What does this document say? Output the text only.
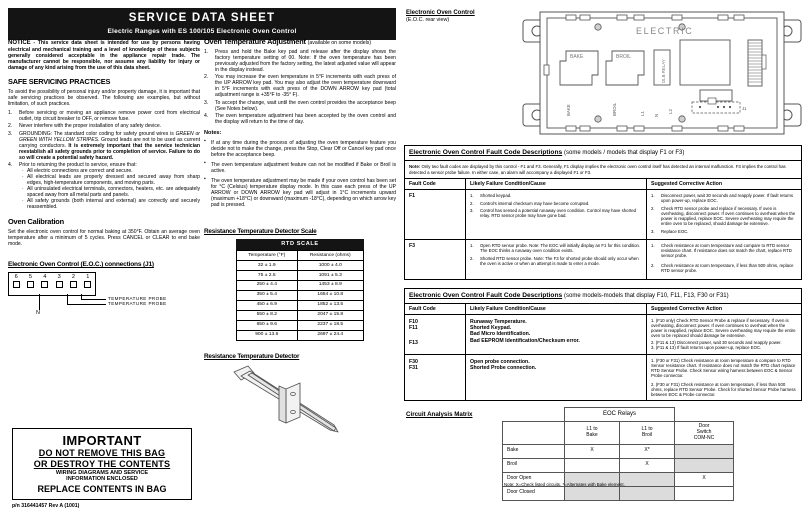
SERVICE DATA SHEET
Electric Ranges with ES 100/105 Electronic Oven Control
NOTICE - This service data sheet is intended for use by persons having electrical and mechanical training and a level of knowledge of these subjects generally considered acceptable in the appliance repair trade. The manufacturer cannot be responsible, nor assume any liability for injury or damage of any kind arising from the use of this data sheet.
SAFE SERVICING PRACTICES
To avoid the possibility of personal injury and/or property damage, it is important that safe servicing practices be observed. The following are examples, but without limitation, of such practices.
1. Before servicing or moving an appliance remove power cord from electrical outlet, trip circuit breaker to OFF, or remove fuse.
2. Never interfere with the proper installation of any safety device.
3. GROUNDING: The standard color coding for safety ground wires is GREEN or GREEN WITH YELLOW STRIPES. Ground leads are not to be used as current carrying conductors. It is extremely important that the service technician reestablish all safety grounds prior to completion of service. Failure to do so will create a potential safety hazard.
4. Prior to returning the product to service, ensure that:
· All electric connections are correct and secure.
· All electrical leads are properly dressed and secured away from sharp edges, high-temperature components, and moving parts.
· All uninsulated electrical terminals, connectors, heaters, etc. are adequately spaced away from all metal parts and panels.
· All safety grounds (both internal and external) are correctly and securely reassembled.
Oven Calibration
Set the electronic oven control for normal baking at 350°F. Obtain an average oven temperature after a minimum of 5 cycles. Press CANCEL or CLEAR to end bake mode.
Electronic Oven Control (E.O.C.) connections (J1)
6 5 4 3 2 1
TEMPERATURE PROBE
TEMPERATURE PROBE
N
Oven Temperature Adjustment (available on some models)
1. Press and hold the Bake key pad and release after the display shows the factory temperature setting of 00. Note: If the oven temperature has been previously adjusted from the factory setting, the latest adjusted value will appear in the display instead.
2. You may increase the oven temperature in 5°F increments with each press of the UP ARROW key pad. You may also adjust the oven temperature downward in 5°F increments with each press of the DOWN ARROW key pad (total adjustment range is +35°F to -35° F).
3. To accept the change, wait until the oven control provides the acceptance beep (See Notes below).
4. The oven temperature adjustment has been accepted by the oven control and the display will return to the time of day.
Notes:
▪ If at any time during the process of adjusting the oven temperature feature you decide not to make the change, press the Stop, Clear Off or Cancel key pad once before the acceptance beep.
▪ The oven temperature adjustment feature can not be modified if Bake or Broil is active.
▪ The oven temperature adjustment may be made if your oven control has been set for °C (Celsius) temperature display mode. In this case each press of the UP ARROW or DOWN ARROW key pad will adjust in 1°C increments upward (maximum +18°C) or downward (maximum -18°C), depending on which arrow key pad is pressed.
Resistance Temperature Detector Scale
RTD SCALE
Temperature (°F)	Resistance (ohms)
32 ± 1.9	1000 ± 4.0
75 ± 2.5	1091 ± 5.3
250 ± 4.4	1453 ± 8.9
350 ± 5.4	1654 ± 10.8
450 ± 6.9	1852 ± 13.5
550 ± 8.2	2047 ± 15.8
650 ± 9.6	2237 ± 18.5
900 ± 13.6	2697 ± 24.4
Resistance Temperature Detector
Electronic Oven Control
(E.O.C. rear view)
ELECTRIC
BAKE	BROIL
DLB RELAY
BAKE	BROIL	L1 N
L2
J1
Electronic Oven Control Fault Code Descriptions (some models / models that display F1 or F3)		
Note: Only two fault codes are displayed by this control - F1 and F3. Generally, F1 display implies the electronic oven control itself has detected an internal malfunction. F3 implies the control has detected a sensor probe failure. In either case, an alarm will accompany a displayed F1 or F3.		
Fault Code	Likely Failure Condition/Cause	Suggested Corrective Action
F1	1. Shorted keypad.
2. Control's internal checksum may have become corrupted.
3. Control has sensed a potential runaway oven condition. Control may have shorted relay. RTD sensor probe may have gone bad.

1. Disconnect power, wait 30 seconds and reapply power. If fault returns upon power-up, replace EOC.
2. Check RTD sensor probe and replace if necessary. If oven is overheating, disconnect power. If oven continues to overheat when the power is reapplied, replace EOC. Severe overheating may require the entire oven to be replaced, should damage be extensive.
3. Replace EOC.

F3	1. Open RTD sensor probe. Note: The EOC will initially display an F1 for this condition. The EOC thinks a runaway oven condition exists.
2. Shorted RTD sensor probe. Note: The F3 for shorted probe should only occur when the oven is active or when an attempt is made to enter a mode.

1. Check resistance at room temperature and compare to RTD sensor resistance chart. If resistance does not match the chart, replace RTD sensor probe.
2. Check resistance at room temperature, if less than 500 ohms, replace RTD sensor probe.
Electronic Oven Control Fault Code Descriptions (some models-models that display F10, F11, F13, F30 or F31)		
Fault Code	Likely Failure Condition/Cause	Suggested Corrective Action

F10
F11
F13

Runaway Temperature.
Shorted Keypad.
Bad Micro Identification.
Bad EEPROM Identification/Checksum error.

1. (F10 only) Check RTD Sensor Probe & replace if necessary. If oven is overheating, disconnect power. If oven continues to overheat when the power is reapplied, replace EOC. Severe overheating may require the entire oven to be replaced should damage be extensive.
2. (F11 & 13) Disconnect power, wait 30 seconds and reapply power.
3. (F11 & 13) If fault returns upon power-up, replace EOC.

F30
F31

Open probe connection.
Shorted Probe connection.

1. (F30 or F31) Check resistance at room temperature & compare to RTD Sensor resistance chart. If resistance does not match the RTD chart replace RTD Sensor Probe. Check Sensor wiring harness between EOC & Sensor Probe connector.
2. (F30 or F31) Check resistance at room temperature, if less than 500 ohms, replace RTD Sensor Probe. Check for shorted Sensor Probe harness between EOC & Probe connector.
Circuit Analysis Matrix
		EOC Relays		

L1 to
Bake

L1 to
Broil

Door
Switch
COM-NC

Bake	X	X*	
Broil		X	
Door Open			X
Door Closed			
Note: X=Check listed circuits. *=Alternates with Bake element.
IMPORTANT
DO NOT REMOVE THIS BAG
OR DESTROY THE CONTENTS
WIRING DIAGRAMS AND SERVICE
INFORMATION ENCLOSED
REPLACE CONTENTS IN BAG
p/n 316441457 Rev A (1001)
